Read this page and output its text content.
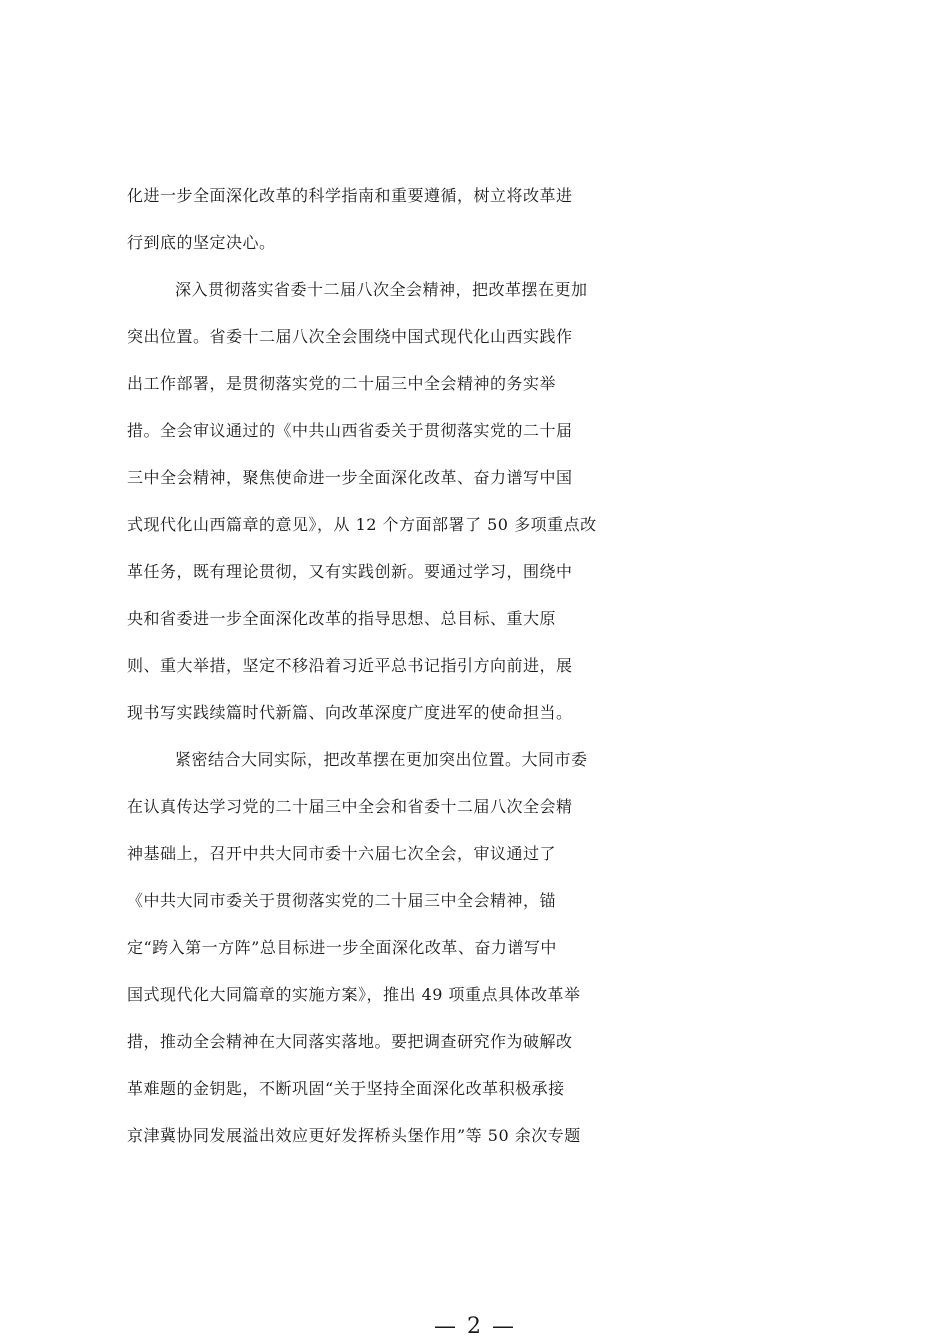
化进一步全面深化改革的科学指南和重要遵循，树立将改革进
行到底的坚定决心。
深入贯彻落实省委十二届八次全会精神，把改革摆在更加
突出位置。省委十二届八次全会围绕中国式现代化山西实践作
出工作部署，是贯彻落实党的二十届三中全会精神的务实举
措。全会审议通过的《中共山西省委关于贯彻落实党的二十届
三中全会精神，聚焦使命进一步全面深化改革、奋力谱写中国
式现代化山西篇章的意见》，从 12 个方面部署了 50 多项重点改
革任务，既有理论贯彻，又有实践创新。要通过学习，围绕中
央和省委进一步全面深化改革的指导思想、总目标、重大原
则、重大举措，坚定不移沿着习近平总书记指引方向前进，展
现书写实践续篇时代新篇、向改革深度广度进军的使命担当。
紧密结合大同实际，把改革摆在更加突出位置。大同市委
在认真传达学习党的二十届三中全会和省委十二届八次全会精
神基础上，召开中共大同市委十六届七次全会，审议通过了
《中共大同市委关于贯彻落实党的二十届三中全会精神，锚
定“跨入第一方阵”总目标进一步全面深化改革、奋力谱写中
国式现代化大同篇章的实施方案》，推出 49 项重点具体改革举
措，推动全会精神在大同落实落地。要把调查研究作为破解改
革难题的金钥匙，不断巩固“关于坚持全面深化改革积极承接
京津冀协同发展溢出效应更好发挥桥头堡作用”等 50 余次专题
— 2 —
